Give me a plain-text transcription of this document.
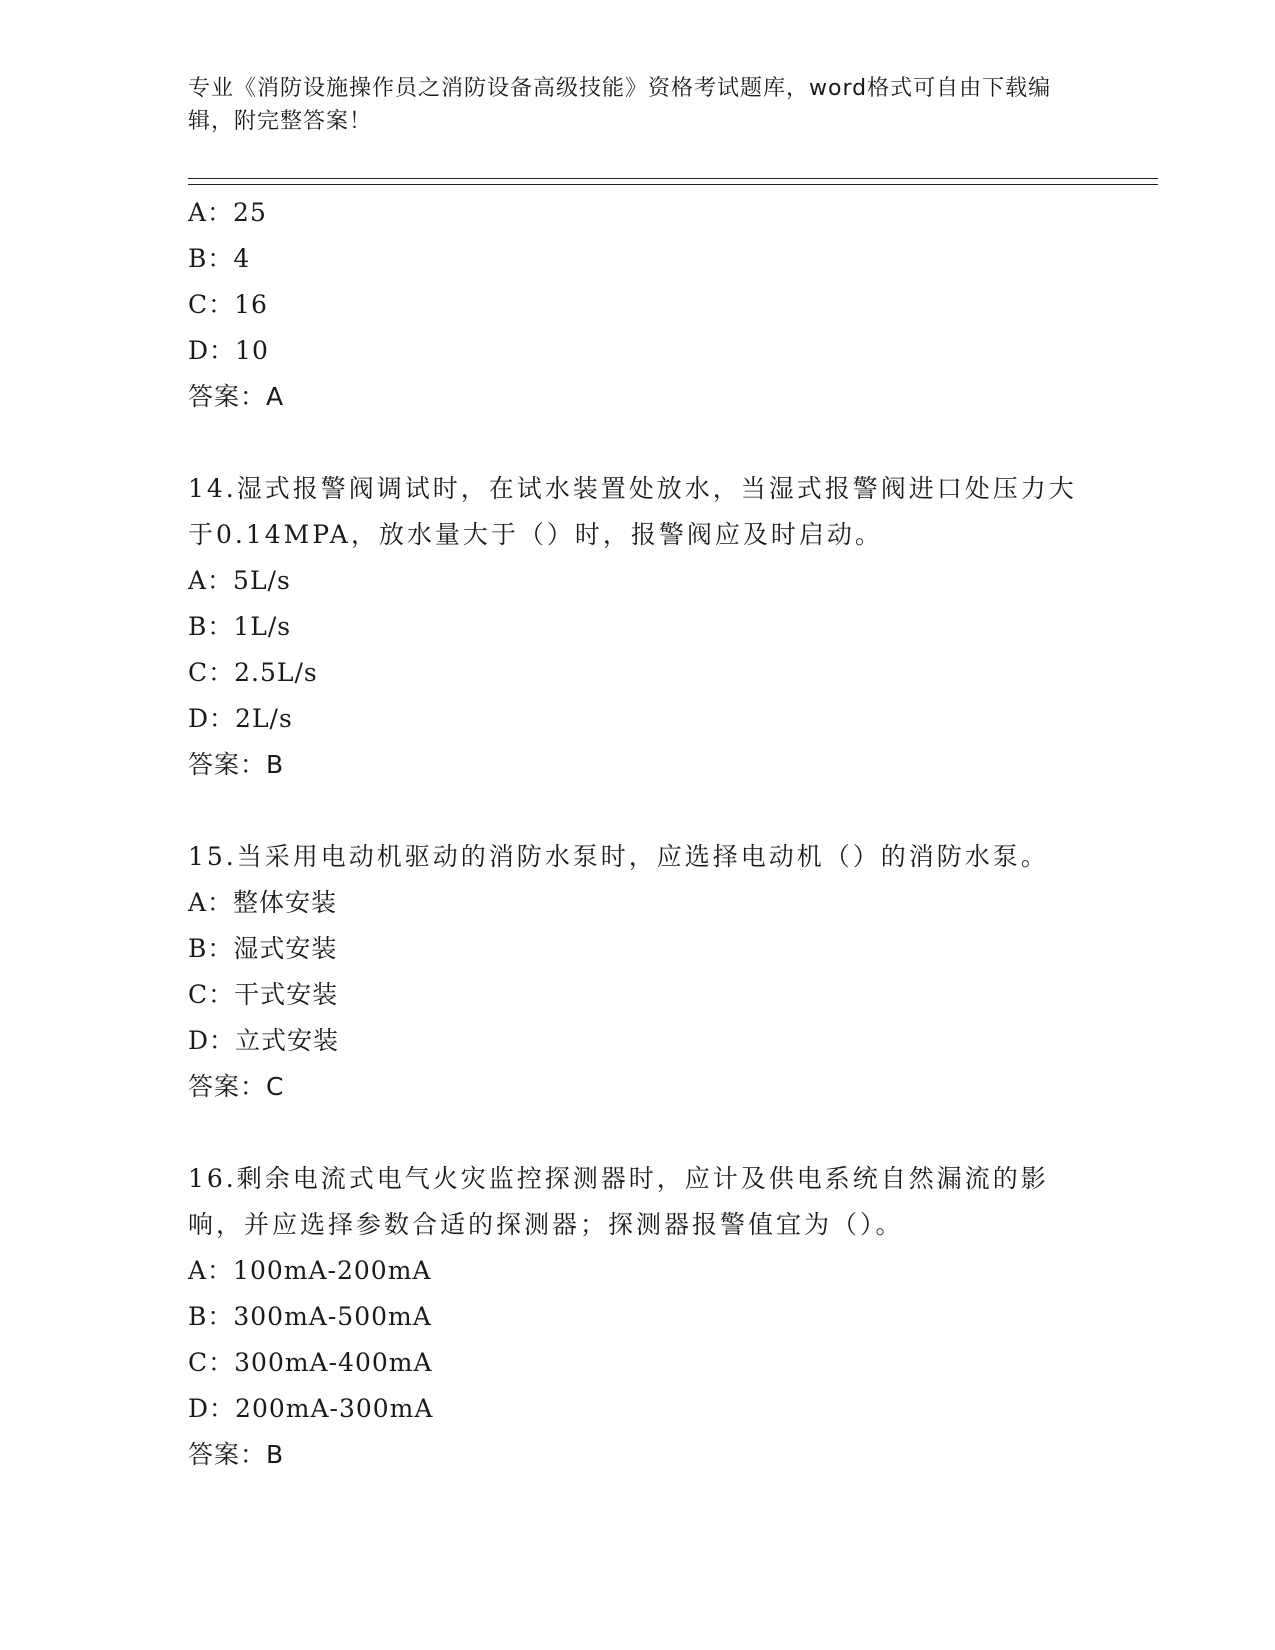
专业《消防设施操作员之消防设备高级技能》资格考试题库，word格式可自由下载编辑，附完整答案！
A：25
B：4
C：16
D：10
答案：A
14.湿式报警阀调试时，在试水装置处放水，当湿式报警阀进口处压力大于0.14MPA，放水量大于（）时，报警阀应及时启动。
A：5L/s
B：1L/s
C：2.5L/s
D：2L/s
答案：B
15.当采用电动机驱动的消防水泵时，应选择电动机（）的消防水泵。
A：整体安装
B：湿式安装
C：干式安装
D：立式安装
答案：C
16.剩余电流式电气火灾监控探测器时，应计及供电系统自然漏流的影响，并应选择参数合适的探测器；探测器报警值宜为（）。
A：100mA-200mA
B：300mA-500mA
C：300mA-400mA
D：200mA-300mA
答案：B
